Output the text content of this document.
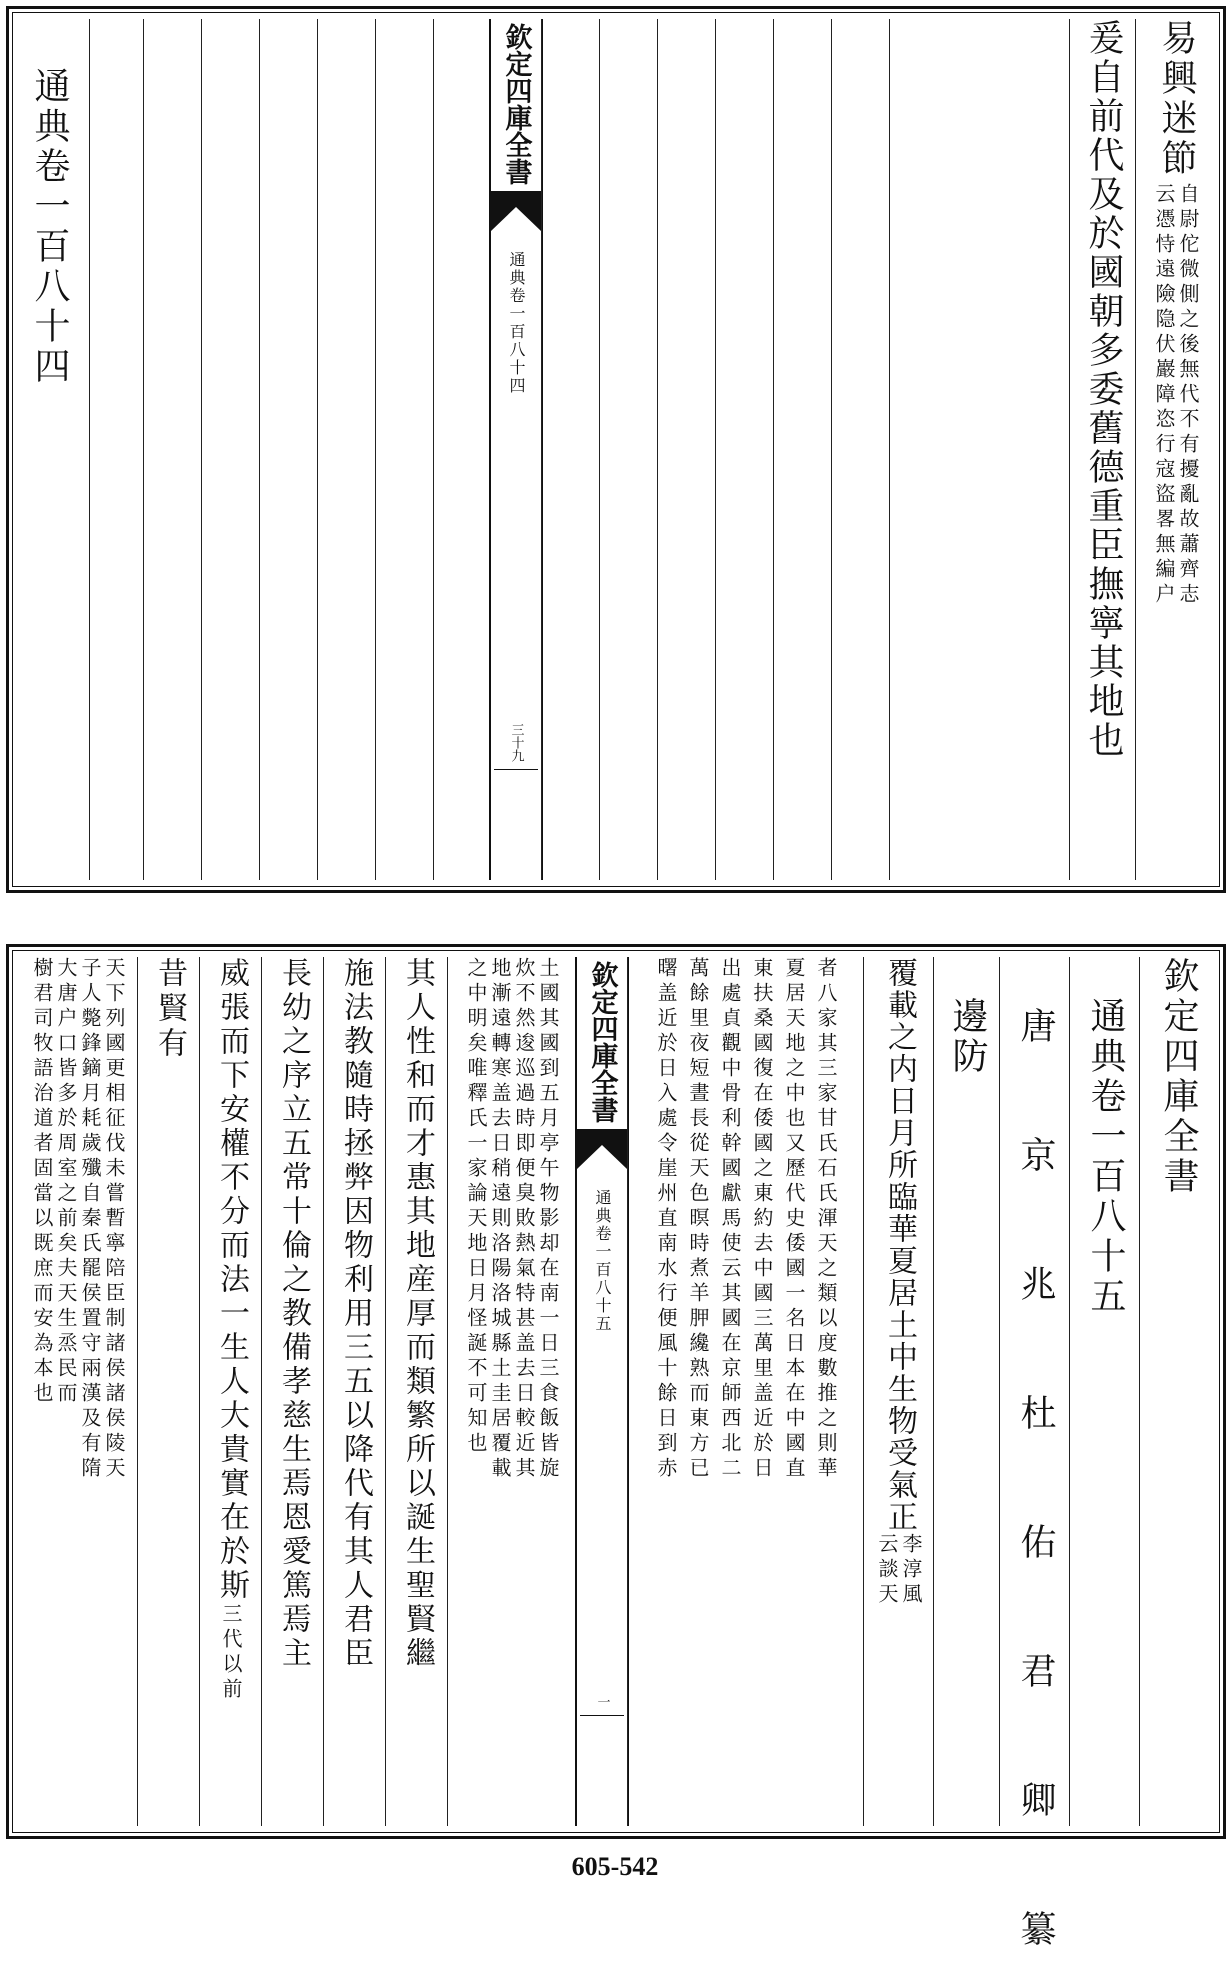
通典卷一百八十四	欽定四庫全書
通典卷一百八十四
三十九	爰自前代及於國朝多委舊德重臣撫寧其地也 易興迷節
自尉佗微側之後無代不有擾亂故蕭齊志
云憑恃遠險隐伏巖障恣行寇盜畧無編户
天下列國更相征伐未嘗暫寧陪臣制諸侯諸侯陵天
子人斃鋒鏑月耗歲殲自秦氏罷侯置守兩漢及有隋
大唐户口皆多於周室之前矣夫天生烝民而
樹君司牧語治道者固當以既庶而安為本也	昔賢有 威張而下安權不分而法一生人大貴實在於斯
三代以前 長幼之序立五常十倫之教備孝慈生焉恩愛篤焉主 施法教隨時拯弊因物利用三五以降代有其人君臣 其人性和而才惠其地産厚而類繁所以誕生聖賢繼	土國其國到五月亭午物影却在南一日三食飯皆旋
炊不然逡巡過時即便臭敗熱氣特甚盖去日較近其
地漸遠轉寒盖去日稍遠則洛陽洛城縣土圭居覆載
之中明矣唯釋氏一家論天地日月怪誕不可知也	欽定四庫全書
通典卷一百八十五
一
者八家其三家甘氏石氏渾天之類以度數推之則華
夏居天地之中也又歷代史倭國一名日本在中國直
東扶桑國復在倭國之東約去中國三萬里盖近於日
出處貞觀中骨利幹國獻馬使云其國在京師西北二
萬餘里夜短晝長從天色暝時煮羊胛纔熟而東方已
曙盖近於日入處令崖州直南水行便風十餘日到赤	覆載之内日月所臨華夏居土中生物受氣正
李淳風
云談天
邊防 唐 京 兆 杜 佑 君 卿 纂 通典卷一百八十五 欽定四庫全書
605-542
